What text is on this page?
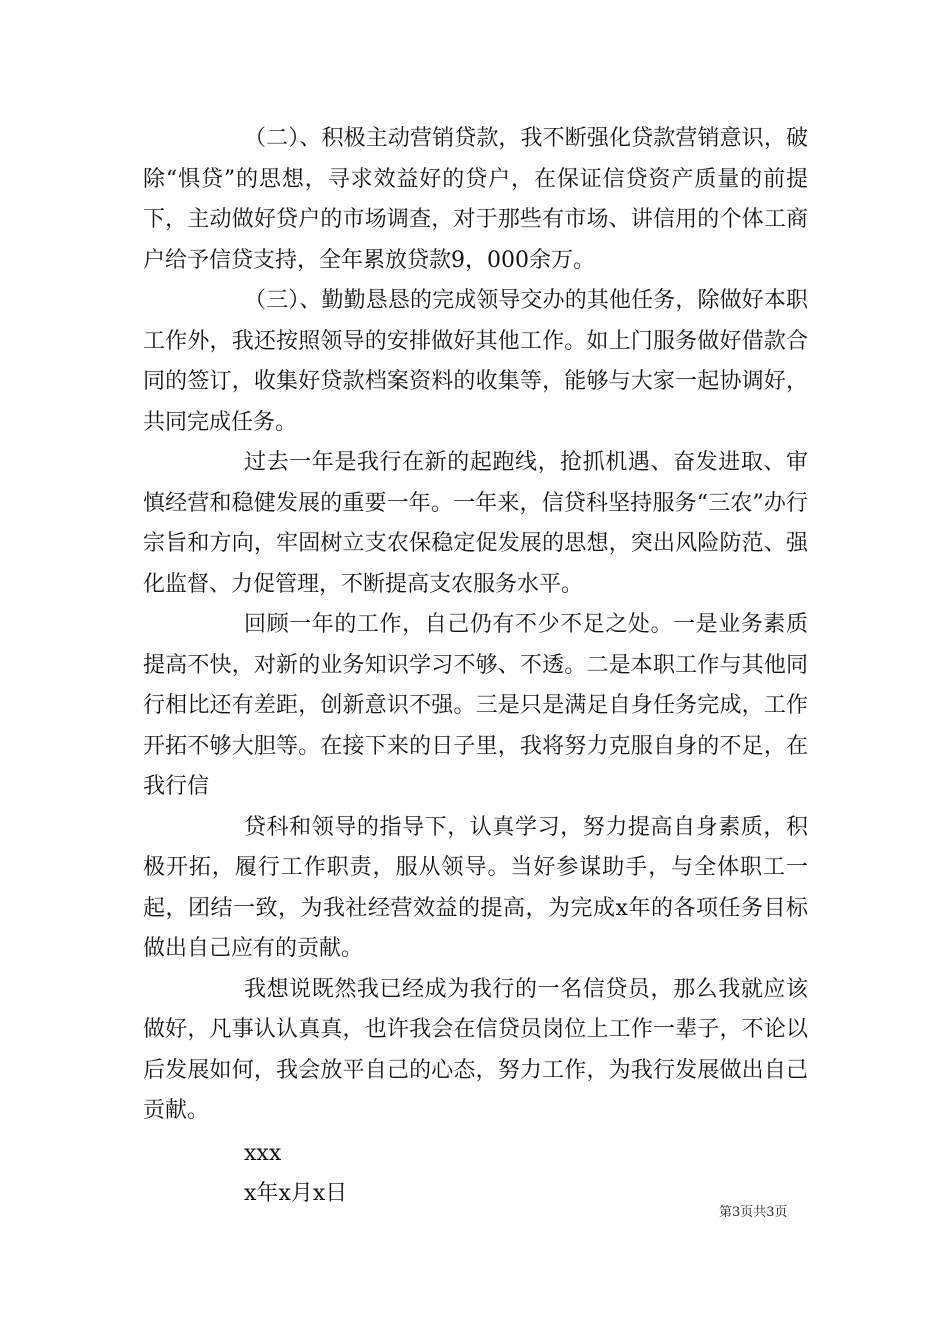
（二）、积极主动营销贷款，我不断强化贷款营销意识，破除“惧贷”的思想，寻求效益好的贷户，在保证信贷资产质量的前提下，主动做好贷户的市场调查，对于那些有市场、讲信用的个体工商户给予信贷支持，全年累放贷款9，000余万。

（三）、勤勤恳恳的完成领导交办的其他任务，除做好本职工作外，我还按照领导的安排做好其他工作。如上门服务做好借款合同的签订，收集好贷款档案资料的收集等，能够与大家一起协调好，共同完成任务。

过去一年是我行在新的起跑线，抢抓机遇、奋发进取、审慎经营和稳健发展的重要一年。一年来，信贷科坚持服务“三农”办行宗旨和方向，牢固树立支农保稳定促发展的思想，突出风险防范、强化监督、力促管理，不断提高支农服务水平。

回顾一年的工作，自己仍有不少不足之处。一是业务素质提高不快，对新的业务知识学习不够、不透。二是本职工作与其他同行相比还有差距，创新意识不强。三是只是满足自身任务完成，工作开拓不够大胆等。在接下来的日子里，我将努力克服自身的不足，在我行信

贷科和领导的指导下，认真学习，努力提高自身素质，积极开拓，履行工作职责，服从领导。当好参谋助手，与全体职工一起，团结一致，为我社经营效益的提高，为完成x年的各项任务目标做出自己应有的贡献。

我想说既然我已经成为我行的一名信贷员，那么我就应该做好，凡事认认真真，也许我会在信贷员岗位上工作一辈子，不论以后发展如何，我会放平自己的心态，努力工作，为我行发展做出自己贡献。

xxx

x年x月x日

第3页共3页
